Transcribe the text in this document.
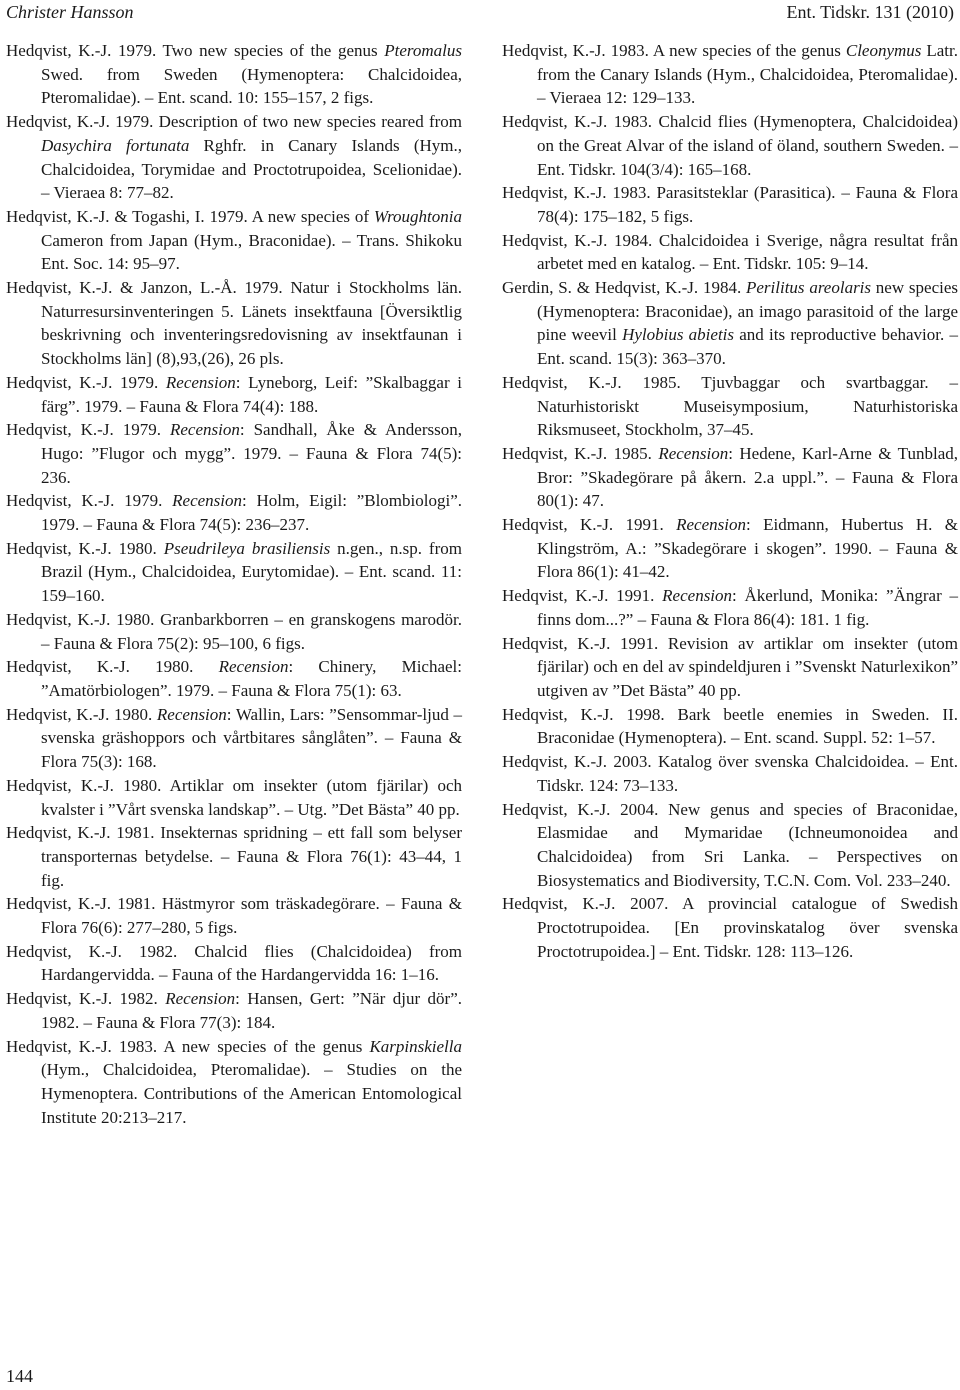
Christer Hansson	Ent. Tidskr. 131 (2010)

Hedqvist, K.-J. 1979. Two new species of the genus Pteromalus Swed. from Sweden (Hymenoptera: Chalcidoidea, Pteromalidae). – Ent. scand. 10: 155–157, 2 figs.

Hedqvist, K.-J. 1979. Description of two new species reared from Dasychira fortunata Rghfr. in Canary Islands (Hym., Chalcidoidea, Torymidae and Proctotrupoidea, Scelionidae). – Vieraea 8: 77–82.

Hedqvist, K.-J. & Togashi, I. 1979. A new species of Wroughtonia Cameron from Japan (Hym., Braconidae). – Trans. Shikoku Ent. Soc. 14: 95–97.

Hedqvist, K.-J. & Janzon, L.-Å. 1979. Natur i Stockholms län. Naturresursinventeringen 5. Länets insektfauna [Översiktlig beskrivning och inventeringsredovisning av insektfaunan i Stockholms län] (8),93,(26), 26 pls.

Hedqvist, K.-J. 1979. Recension: Lyneborg, Leif: ”Skalbaggar i färg”. 1979. – Fauna & Flora 74(4): 188.

Hedqvist, K.-J. 1979. Recension: Sandhall, Åke & Andersson, Hugo: ”Flugor och mygg”. 1979. – Fauna & Flora 74(5): 236.

Hedqvist, K.-J. 1979. Recension: Holm, Eigil: ”Blombiologi”. 1979. – Fauna & Flora 74(5): 236–237.

Hedqvist, K.-J. 1980. Pseudrileya brasiliensis n.gen., n.sp. from Brazil (Hym., Chalcidoidea, Eurytomidae). – Ent. scand. 11: 159–160.

Hedqvist, K.-J. 1980. Granbarkborren – en granskogens marodör. – Fauna & Flora 75(2): 95–100, 6 figs.

Hedqvist, K.-J. 1980. Recension: Chinery, Michael: ”Amatörbiologen”. 1979. – Fauna & Flora 75(1): 63.

Hedqvist, K.-J. 1980. Recension: Wallin, Lars: ”Sensommar-ljud – svenska gräshoppors och vårtbitares sånglåten”. – Fauna & Flora 75(3): 168.

Hedqvist, K.-J. 1980. Artiklar om insekter (utom fjärilar) och kvalster i ”Vårt svenska landskap”. – Utg. ”Det Bästa” 40 pp.

Hedqvist, K.-J. 1981. Insekternas spridning – ett fall som belyser transporternas betydelse. – Fauna & Flora 76(1): 43–44, 1 fig.

Hedqvist, K.-J. 1981. Hästmyror som träskadegörare. – Fauna & Flora 76(6): 277–280, 5 figs.

Hedqvist, K.-J. 1982. Chalcid flies (Chalcidoidea) from Hardangervidda. – Fauna of the Hardangervidda 16: 1–16.

Hedqvist, K.-J. 1982. Recension: Hansen, Gert: ”När djur dör”. 1982. – Fauna & Flora 77(3): 184.

Hedqvist, K.-J. 1983. A new species of the genus Karpinskiella (Hym., Chalcidoidea, Pteromalidae). – Studies on the Hymenoptera. Contributions of the American Entomological Institute 20:213–217.

Hedqvist, K.-J. 1983. A new species of the genus Cleonymus Latr. from the Canary Islands (Hym., Chalcidoidea, Pteromalidae). – Vieraea 12: 129–133.

Hedqvist, K.-J. 1983. Chalcid flies (Hymenoptera, Chalcidoidea) on the Great Alvar of the island of öland, southern Sweden. – Ent. Tidskr. 104(3/4): 165–168.

Hedqvist, K.-J. 1983. Parasitsteklar (Parasitica). – Fauna & Flora 78(4): 175–182, 5 figs.

Hedqvist, K.-J. 1984. Chalcidoidea i Sverige, några resultat från arbetet med en katalog. – Ent. Tidskr. 105: 9–14.

Gerdin, S. & Hedqvist, K.-J. 1984. Perilitus areolaris new species (Hymenoptera: Braconidae), an imago parasitoid of the large pine weevil Hylobius abietis and its reproductive behavior. – Ent. scand. 15(3): 363–370.

Hedqvist, K.-J. 1985. Tjuvbaggar och svartbaggar. – Naturhistoriskt Museisymposium, Naturhistoriska Riksmuseet, Stockholm, 37–45.

Hedqvist, K.-J. 1985. Recension: Hedene, Karl-Arne & Tunblad, Bror: ”Skadegörare på åkern. 2.a uppl.”. – Fauna & Flora 80(1): 47.

Hedqvist, K.-J. 1991. Recension: Eidmann, Hubertus H. & Klingström, A.: ”Skadegörare i skogen”. 1990. – Fauna & Flora 86(1): 41–42.

Hedqvist, K.-J. 1991. Recension: Åkerlund, Monika: ”Ängrar – finns dom...?” – Fauna & Flora 86(4): 181. 1 fig.

Hedqvist, K.-J. 1991. Revision av artiklar om insekter (utom fjärilar) och en del av spindeldjuren i ”Svenskt Naturlexikon” utgiven av ”Det Bästa” 40 pp.

Hedqvist, K.-J. 1998. Bark beetle enemies in Sweden. II. Braconidae (Hymenoptera). – Ent. scand. Suppl. 52: 1–57.

Hedqvist, K.-J. 2003. Katalog över svenska Chalcidoidea. – Ent. Tidskr. 124: 73–133.

Hedqvist, K.-J. 2004. New genus and species of Braconidae, Elasmidae and Mymaridae (Ichneumonoidea and Chalcidoidea) from Sri Lanka. – Perspectives on Biosystematics and Biodiversity, T.C.N. Com. Vol. 233–240.

Hedqvist, K.-J. 2007. A provincial catalogue of Swedish Proctotrupoidea. [En provinskatalog över svenska Proctotrupoidea.] – Ent. Tidskr. 128: 113–126.

144
